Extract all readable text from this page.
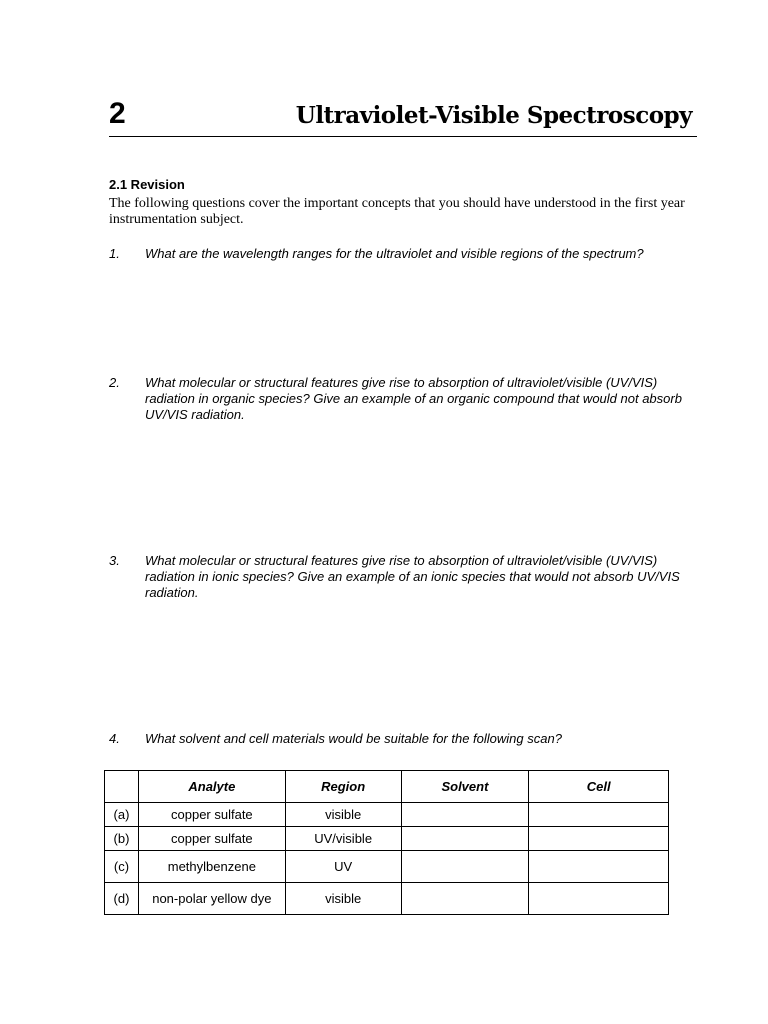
2	Ultraviolet-Visible Spectroscopy
2.1 Revision
The following questions cover the important concepts that you should have understood in the first year instrumentation subject.
1. What are the wavelength ranges for the ultraviolet and visible regions of the spectrum?
2. What molecular or structural features give rise to absorption of ultraviolet/visible (UV/VIS) radiation in organic species? Give an example of an organic compound that would not absorb UV/VIS radiation.
3. What molecular or structural features give rise to absorption of ultraviolet/visible (UV/VIS) radiation in ionic species? Give an example of an ionic species that would not absorb UV/VIS radiation.
4. What solvent and cell materials would be suitable for the following scan?
	Analyte	Region	Solvent	Cell
(a)	copper sulfate	visible		
(b)	copper sulfate	UV/visible		
(c)	methylbenzene	UV		
(d)	non-polar yellow dye	visible		
